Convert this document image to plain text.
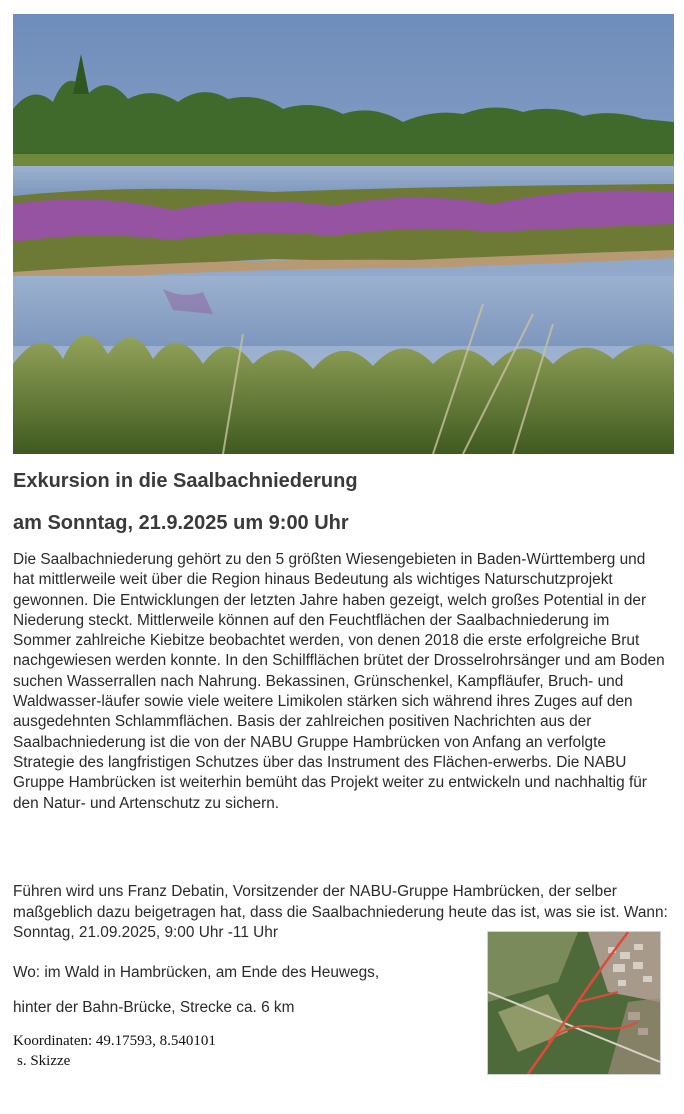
Exkursion in die Saalbachniederung
am Sonntag, 21.9.2025 um 9:00 Uhr

Die Saalbachniederung gehört zu den 5 größten Wiesengebieten in Baden-Württemberg und hat mittlerweile weit über die Region hinaus Bedeutung als wichtiges Naturschutzprojekt gewonnen. Die Entwicklungen der letzten Jahre haben gezeigt, welch großes Potential in der Niederung steckt. Mittlerweile können auf den Feuchtflächen der Saalbachniederung im Sommer zahlreiche Kiebitze beobachtet werden, von denen 2018 die erste erfolgreiche Brut nachgewiesen werden konnte. In den Schilfflächen brütet der Drosselrohrsänger und am Boden suchen Wasserrallen nach Nahrung. Bekassinen, Grünschenkel, Kampfläufer, Bruch- und Waldwasser-läufer sowie viele weitere Limikolen stärken sich während ihres Zuges auf den ausgedehnten Schlammflächen. Basis der zahlreichen positiven Nachrichten aus der Saalbachniederung ist die von der NABU Gruppe Hambrücken von Anfang an verfolgte Strategie des langfristigen Schutzes über das Instrument des Flächen-erwerbs. Die NABU Gruppe Hambrücken ist weiterhin bemüht das Projekt weiter zu entwickeln und nachhaltig für den Natur- und Artenschutz zu sichern.

Führen wird uns Franz Debatin, Vorsitzender der NABU-Gruppe Hambrücken, der selber maßgeblich dazu beigetragen hat, dass die Saalbachniederung heute das ist, was sie ist. Wann: Sonntag, 21.09.2025, 9:00 Uhr -11 Uhr

Wo: im Wald in Hambrücken, am Ende des Heuwegs,

hinter der Bahn-Brücke, Strecke ca. 6 km

Koordinaten: 49.17593, 8.540101

s. Skizze
